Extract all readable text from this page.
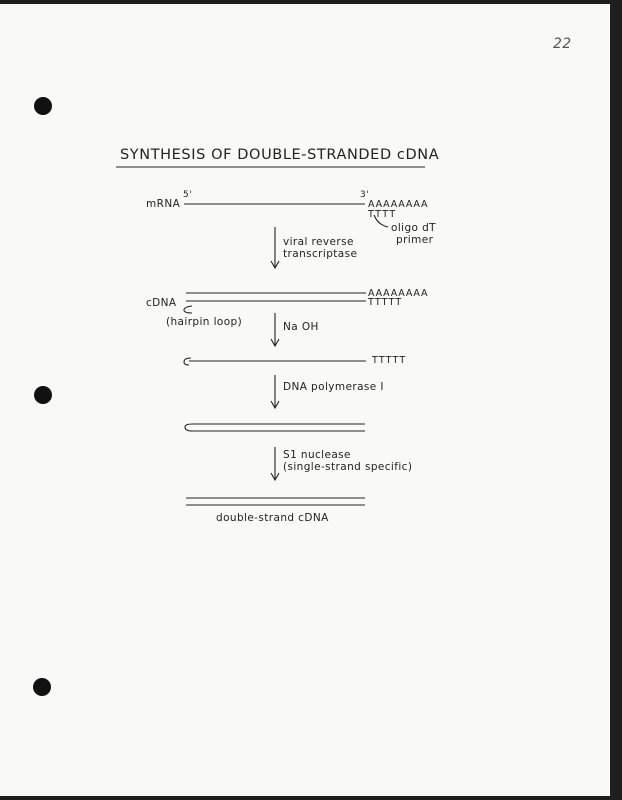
22
SYNTHESIS OF DOUBLE-STRANDED cDNA
mRNA
5'	3'
AAAAAAAA
TTTT
oligo dT
primer
viral reverse
transcriptase
AAAAAAAA
TTTTT
cDNA
(hairpin loop)	Na OH
TTTTT
DNA polymerase I
S1 nuclease
(single-strand specific)
double-strand cDNA
